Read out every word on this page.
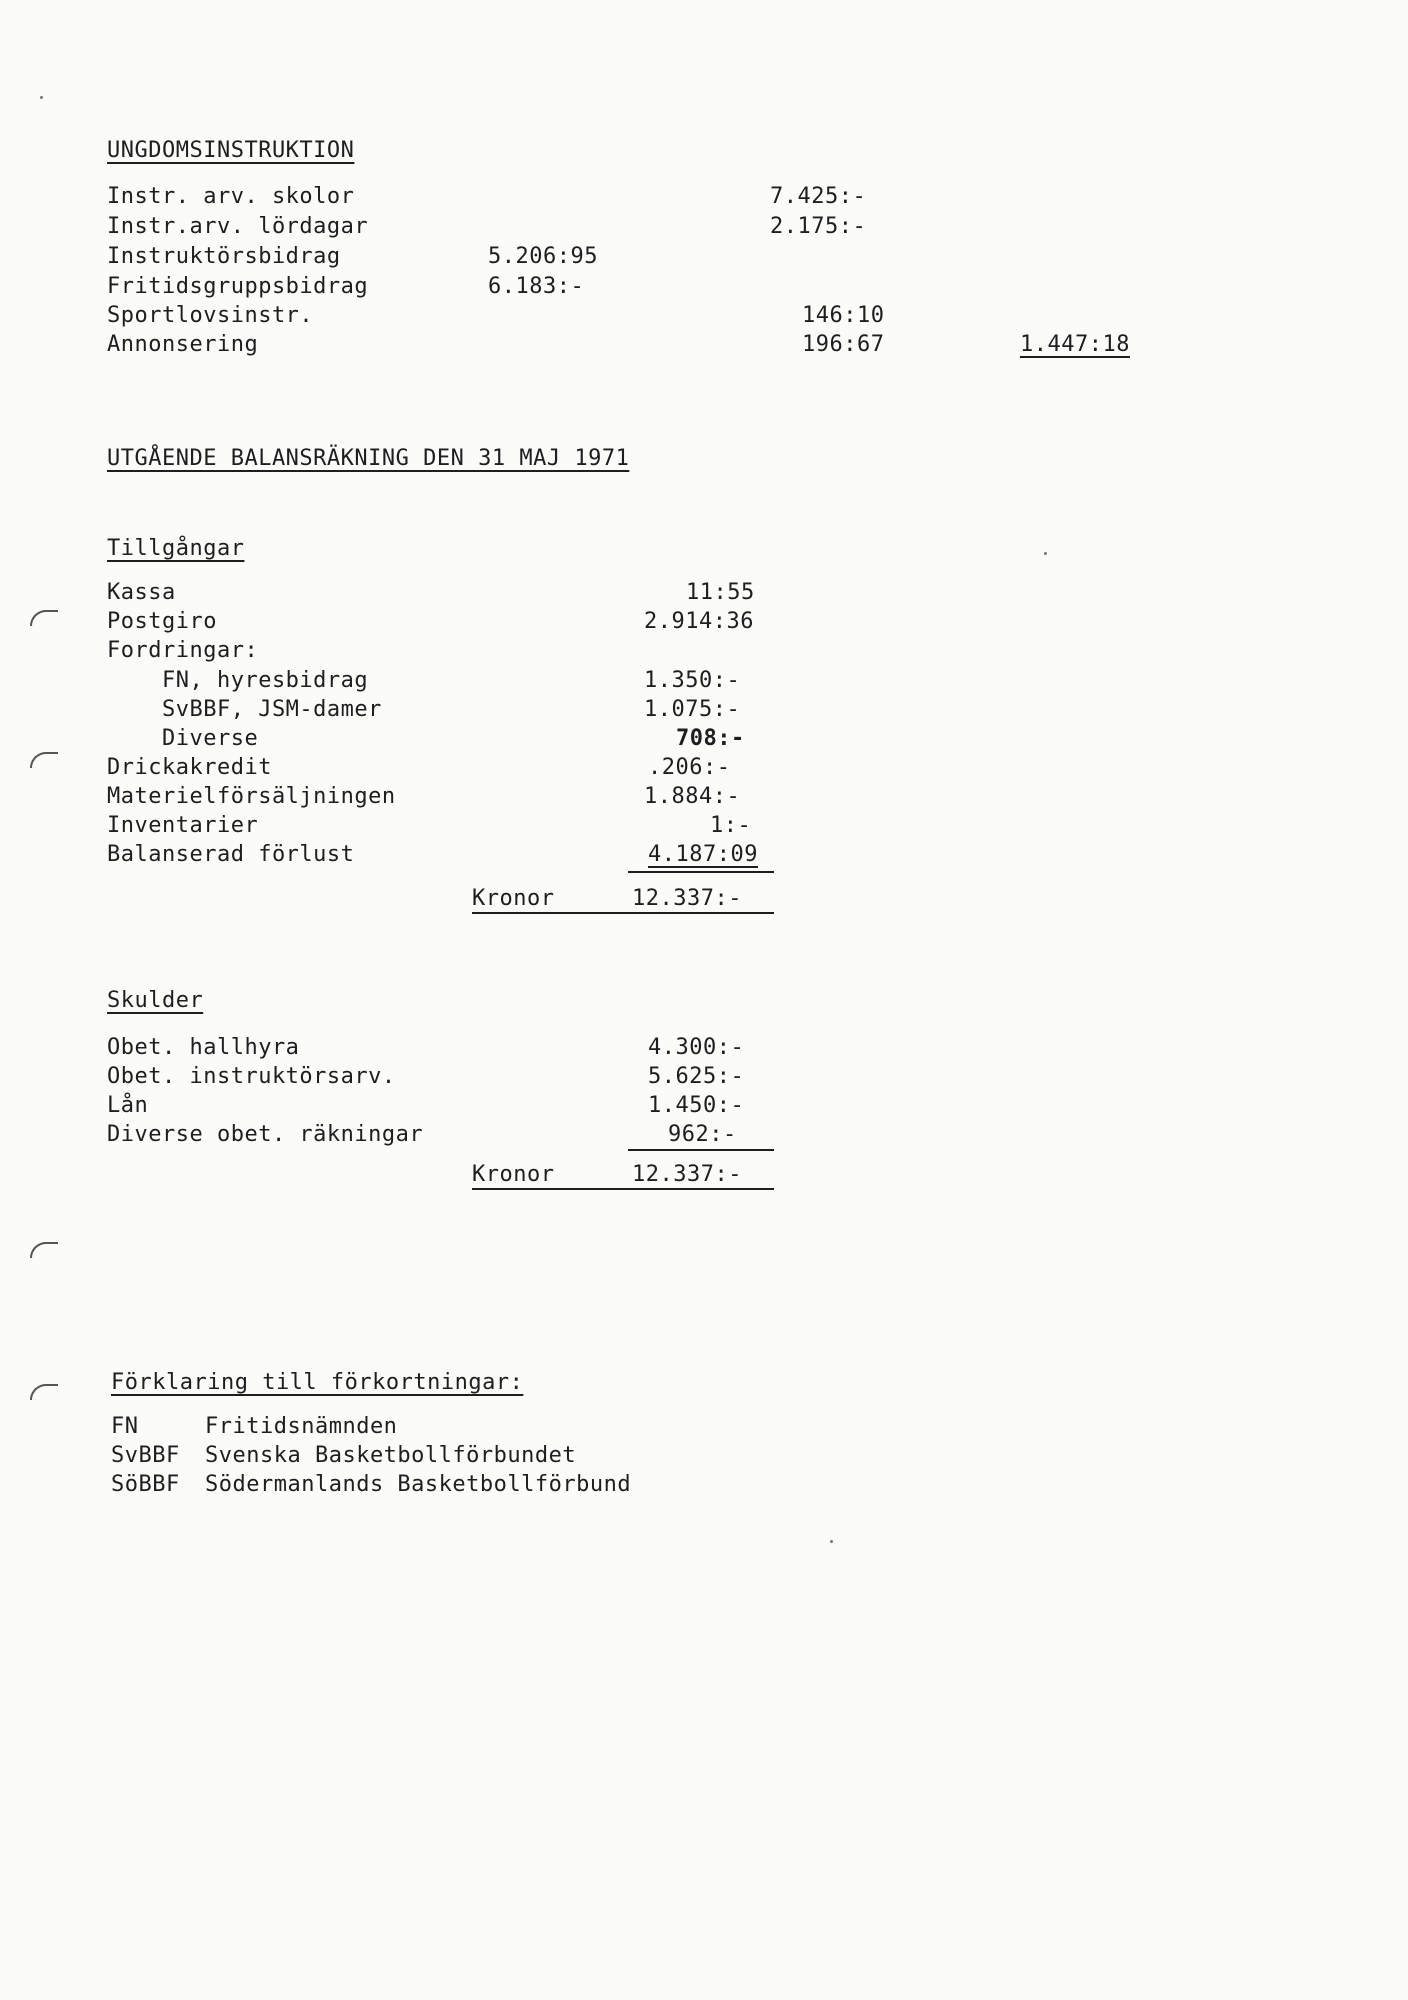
UNGDOMSINSTRUKTION
Instr. arv. skolor	7.425:-
Instr.arv. lördagar	2.175:-
Instruktörsbidrag	5.206:95
Fritidsgruppsbidrag	6.183:-
Sportlovsinstr.	146:10
Annonsering	196:67	1.447:18
UTGÅENDE BALANSRÄKNING DEN 31 MAJ 1971
Tillgångar
Kassa	11:55
Postgiro	2.914:36
Fordringar:
FN, hyresbidrag	1.350:-
SvBBF, JSM-damer	1.075:-
Diverse	708:-
Drickakredit	.206:-
Materielförsäljningen	1.884:-
Inventarier	1:-
Balanserad förlust	4.187:09
Kronor	12.337:-
Skulder
Obet. hallhyra	4.300:-
Obet. instruktörsarv.	5.625:-
Lån	1.450:-
Diverse obet. räkningar	962:-
Kronor	12.337:-
Förklaring till förkortningar:
FN	Fritidsnämnden
SvBBF Svenska Basketbollförbundet
SöBBF Södermanlands Basketbollförbund
